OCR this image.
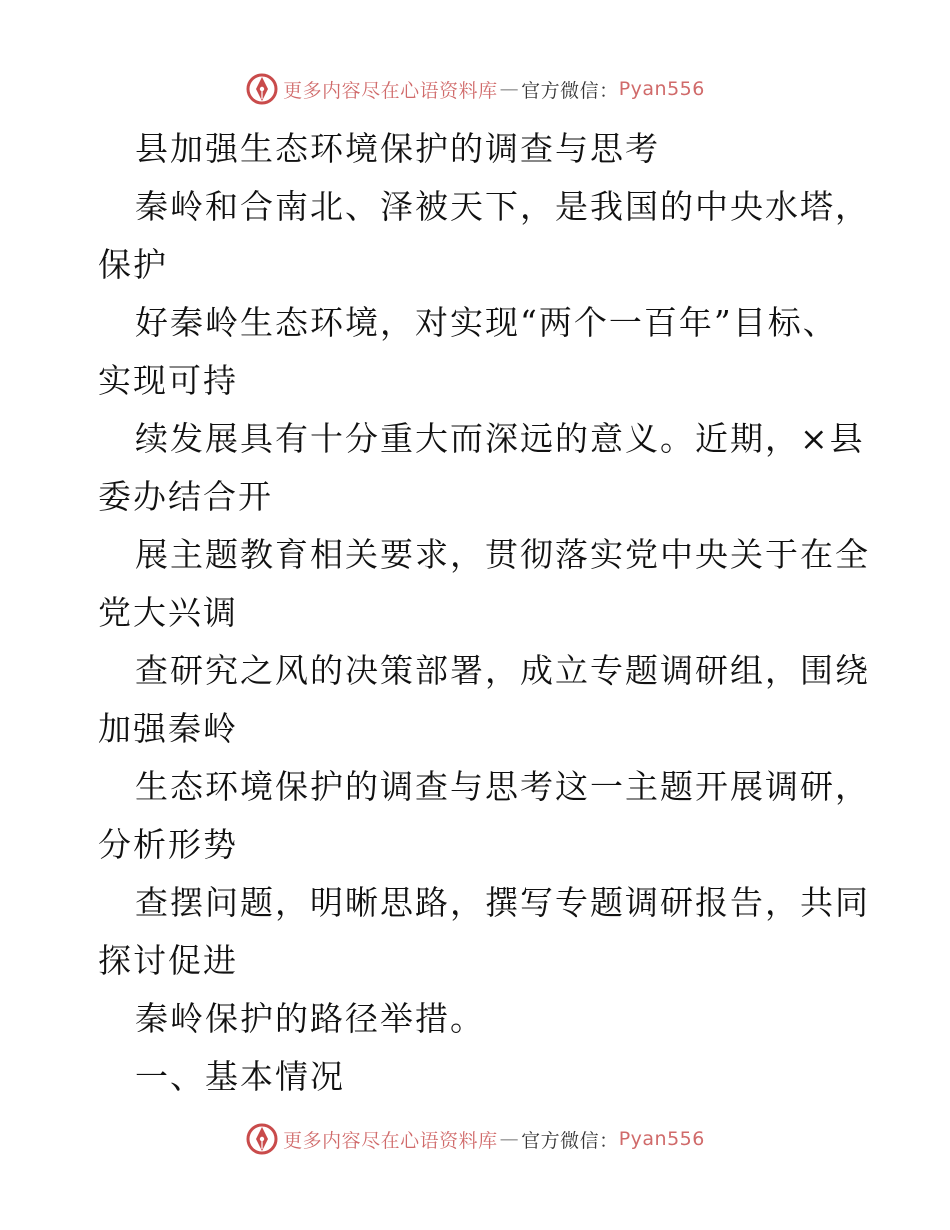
更多内容尽在心语资料库 — 官方微信： Pyan556
县加强生态环境保护的调查与思考
秦岭和合南北、泽被天下，是我国的中央水塔，
保护
好秦岭生态环境，对实现“两个一百年”目标、
实现可持
续发展具有十分重大而深远的意义。近期，×县
委办结合开
展主题教育相关要求，贯彻落实党中央关于在全
党大兴调
查研究之风的决策部署，成立专题调研组，围绕
加强秦岭
生态环境保护的调查与思考这一主题开展调研，
分析形势
查摆问题，明晰思路，撰写专题调研报告，共同
探讨促进
秦岭保护的路径举措。
一、基本情况
更多内容尽在心语资料库 — 官方微信： Pyan556
